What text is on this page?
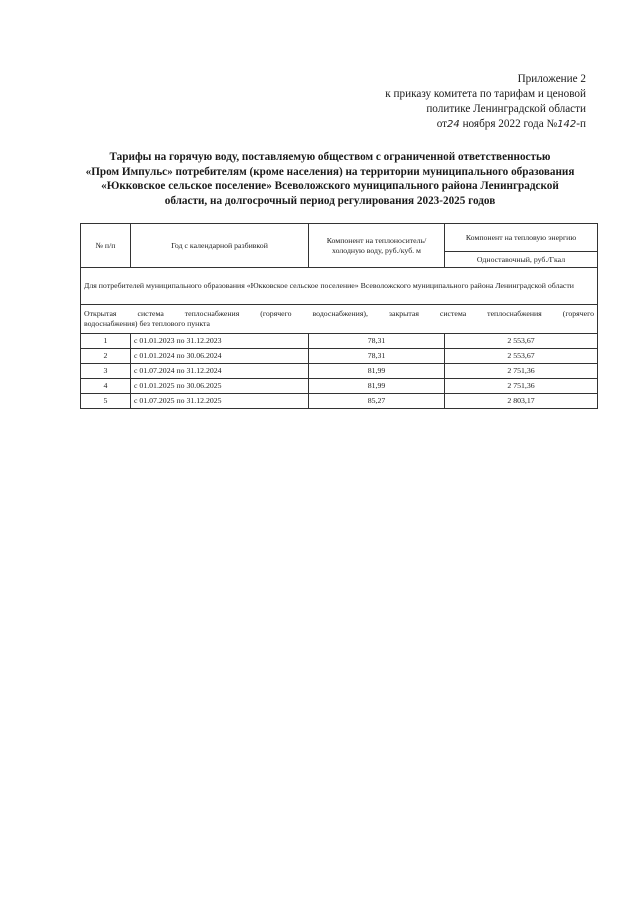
Приложение 2
к приказу комитета по тарифам и ценовой
политике Ленинградской области
от24 ноября 2022 года №142-п
Тарифы на горячую воду, поставляемую обществом с ограниченной ответственностью
«Пром Импульс» потребителям (кроме населения) на территории муниципального образования
«Юкковское сельское поселение» Всеволожского муниципального района Ленинградской
области, на долгосрочный период регулирования 2023-2025 годов
№ п/п	Год с календарной разбивкой	Компонент на теплоноситель/ холодную воду, руб./куб. м	Компонент на тепловую энергию
			Одноставочный, руб./Гкал
Для потребителей муниципального образования «Юкковское сельское поселение» Всеволожского муниципального района Ленинградской области			
Открытая система теплоснабжения (горячего водоснабжения), закрытая система теплоснабжения (горячего
водоснабжения) без теплового пункта			

1	с 01.01.2023 по 31.12.2023	78,31	2 553,67
2	с 01.01.2024 по 30.06.2024	78,31	2 553,67
3	с 01.07.2024 по 31.12.2024	81,99	2 751,36
4	с 01.01.2025 по 30.06.2025	81,99	2 751,36
5	с 01.07.2025 по 31.12.2025	85,27	2 803,17
